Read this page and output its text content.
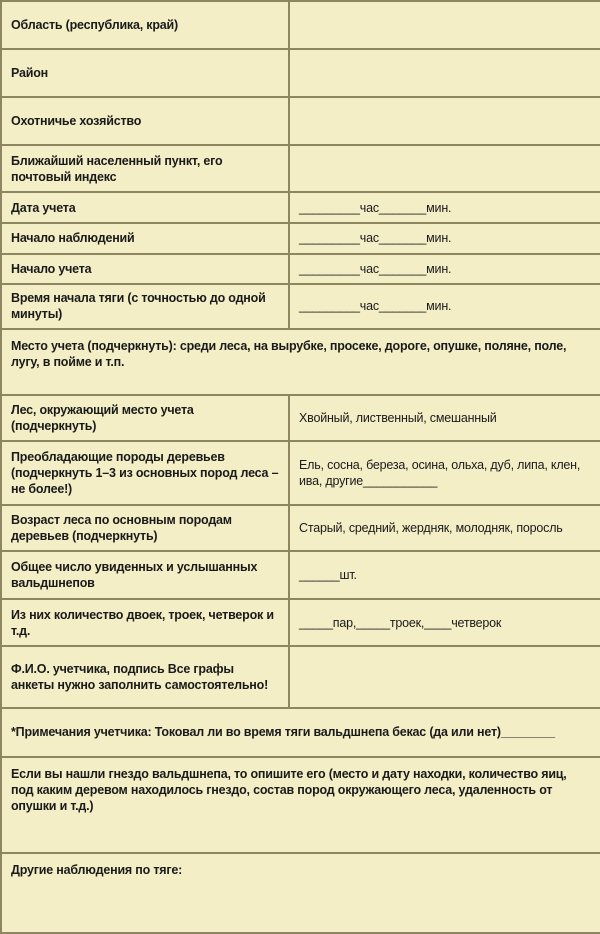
Область (республика, край)	
Район	
Охотничье хозяйство	
Ближайший населенный пункт, его почтовый индекс	
Дата учета	_________час_______мин.
Начало наблюдений	_________час_______мин.
Начало учета	_________час_______мин.
Время начала тяги (с точностью до одной минуты)	_________час_______мин.
Место учета (подчеркнуть): среди леса, на вырубке, просеке, дороге, опушке, поляне, поле, лугу, в пойме и т.п.	
Лес, окружающий место учета (подчеркнуть)	Хвойный, лиственный, смешанный
Преобладающие породы деревьев (подчеркнуть 1–3 из основных пород леса – не более!)	Ель, сосна, береза, осина, ольха, дуб, липа, клен, ива, другие___________
Возраст леса по основным породам деревьев (подчеркнуть)	Старый, средний, жердняк, молодняк, поросль
Общее число увиденных и услышанных вальдшнепов	______шт.
Из них количество двоек, троек, четверок и т.д.	_____пар,_____троек,____четверок
Ф.И.О. учетчика, подпись Все графы анкеты нужно заполнить самостоятельно!	
*Примечания учетчика: Токовал ли во время тяги вальдшнепа бекас (да или нет)________	
Если вы нашли гнездо вальдшнепа, то опишите его (место и дату находки, количество яиц, под каким деревом находилось гнездо, состав пород окружающего леса, удаленность от опушки и т.д.)	
Другие наблюдения по тяге:	
